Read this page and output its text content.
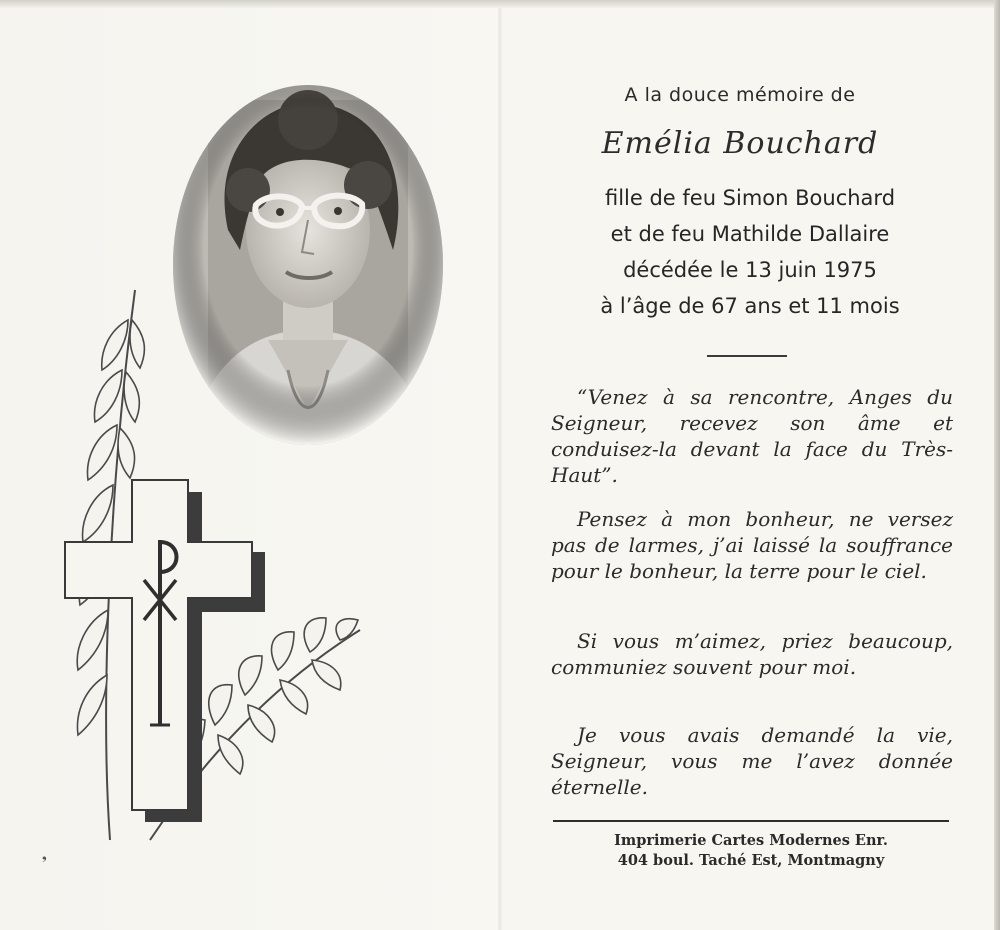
❟
A la douce mémoire de
Emélia Bouchard
fille de feu Simon Bouchard
et de feu Mathilde Dallaire
décédée le 13 juin 1975
à l’âge de 67 ans et 11 mois
“Venez à sa rencontre, Anges du Seigneur, recevez son âme et conduisez-la devant la face du Très-Haut”.
Pensez à mon bonheur, ne versez pas de larmes, j’ai laissé la souffrance pour le bonheur, la terre pour le ciel.
Si vous m’aimez, priez beaucoup, communiez souvent pour moi.
Je vous avais demandé la vie, Seigneur, vous me l’avez donnée éternelle.
Imprimerie Cartes Modernes Enr.
404 boul. Taché Est, Montmagny
